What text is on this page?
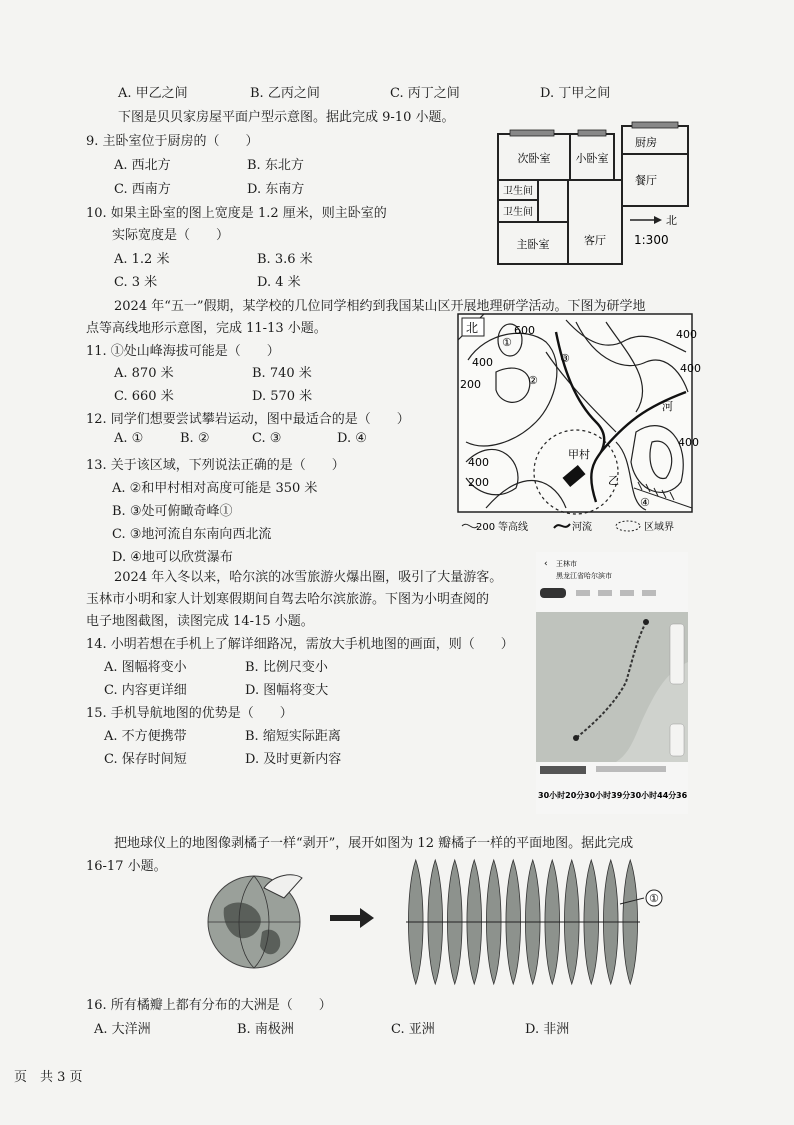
A. 甲乙之间	B. 乙丙之间	C. 丙丁之间	D. 丁甲之间
下图是贝贝家房屋平面户型示意图。据此完成 9-10 小题。
9. 主卧室位于厨房的（　　）
A. 西北方	B. 东北方
C. 西南方	D. 东南方
10. 如果主卧室的图上宽度是 1.2 厘米，则主卧室的
实际宽度是（　　）
A. 1.2 米	B. 3.6 米
C. 3 米	D. 4 米
次卧室 小卧室
厨房
餐厅
卫生间
卫生间
主卧室	客厅
北
1:300
2024 年“五一”假期，某学校的几位同学相约到我国某山区开展地理研学活动。下图为研学地
点等高线地形示意图，完成 11-13 小题。
11. ①处山峰海拔可能是（　　）
A. 870 米	B. 740 米
C. 660 米	D. 570 米
12. 同学们想要尝试攀岩运动，图中最适合的是（　　）
A. ①	B. ②	C. ③	D. ④
13. 关于该区域，下列说法正确的是（　　）
A. ②和甲村相对高度可能是 350 米
B. ③处可俯瞰奇峰①
C. ③地河流自东南向西北流
D. ④地可以欣赏瀑布
北	600
①
②
③
④
400
400
400
400
400
200
200
河
甲村
乙
200 等高线	河流	区域界
2024 年入冬以来，哈尔滨的冰雪旅游火爆出圈，吸引了大量游客。
玉林市小明和家人计划寒假期间自驾去哈尔滨旅游。下图为小明查阅的
电子地图截图，读图完成 14-15 小题。
14. 小明若想在手机上了解详细路况，需放大手机地图的画面，则（　　）
A. 图幅将变小	B. 比例尺变小
C. 内容更详细	D. 图幅将变大
15. 手机导航地图的优势是（　　）
A. 不方便携带	B. 缩短实际距离
C. 保存时间短	D. 及时更新内容
‹ 王林市
黑龙江省哈尔滨市
30小时20分 30小时39分 30小时44分 36
把地球仪上的地图像剥橘子一样“剥开”，展开如图为 12 瓣橘子一样的平面地图。据此完成
16-17 小题。
①
16. 所有橘瓣上都有分布的大洲是（　　）
A. 大洋洲	B. 南极洲	C. 亚洲	D. 非洲
页　共 3 页
